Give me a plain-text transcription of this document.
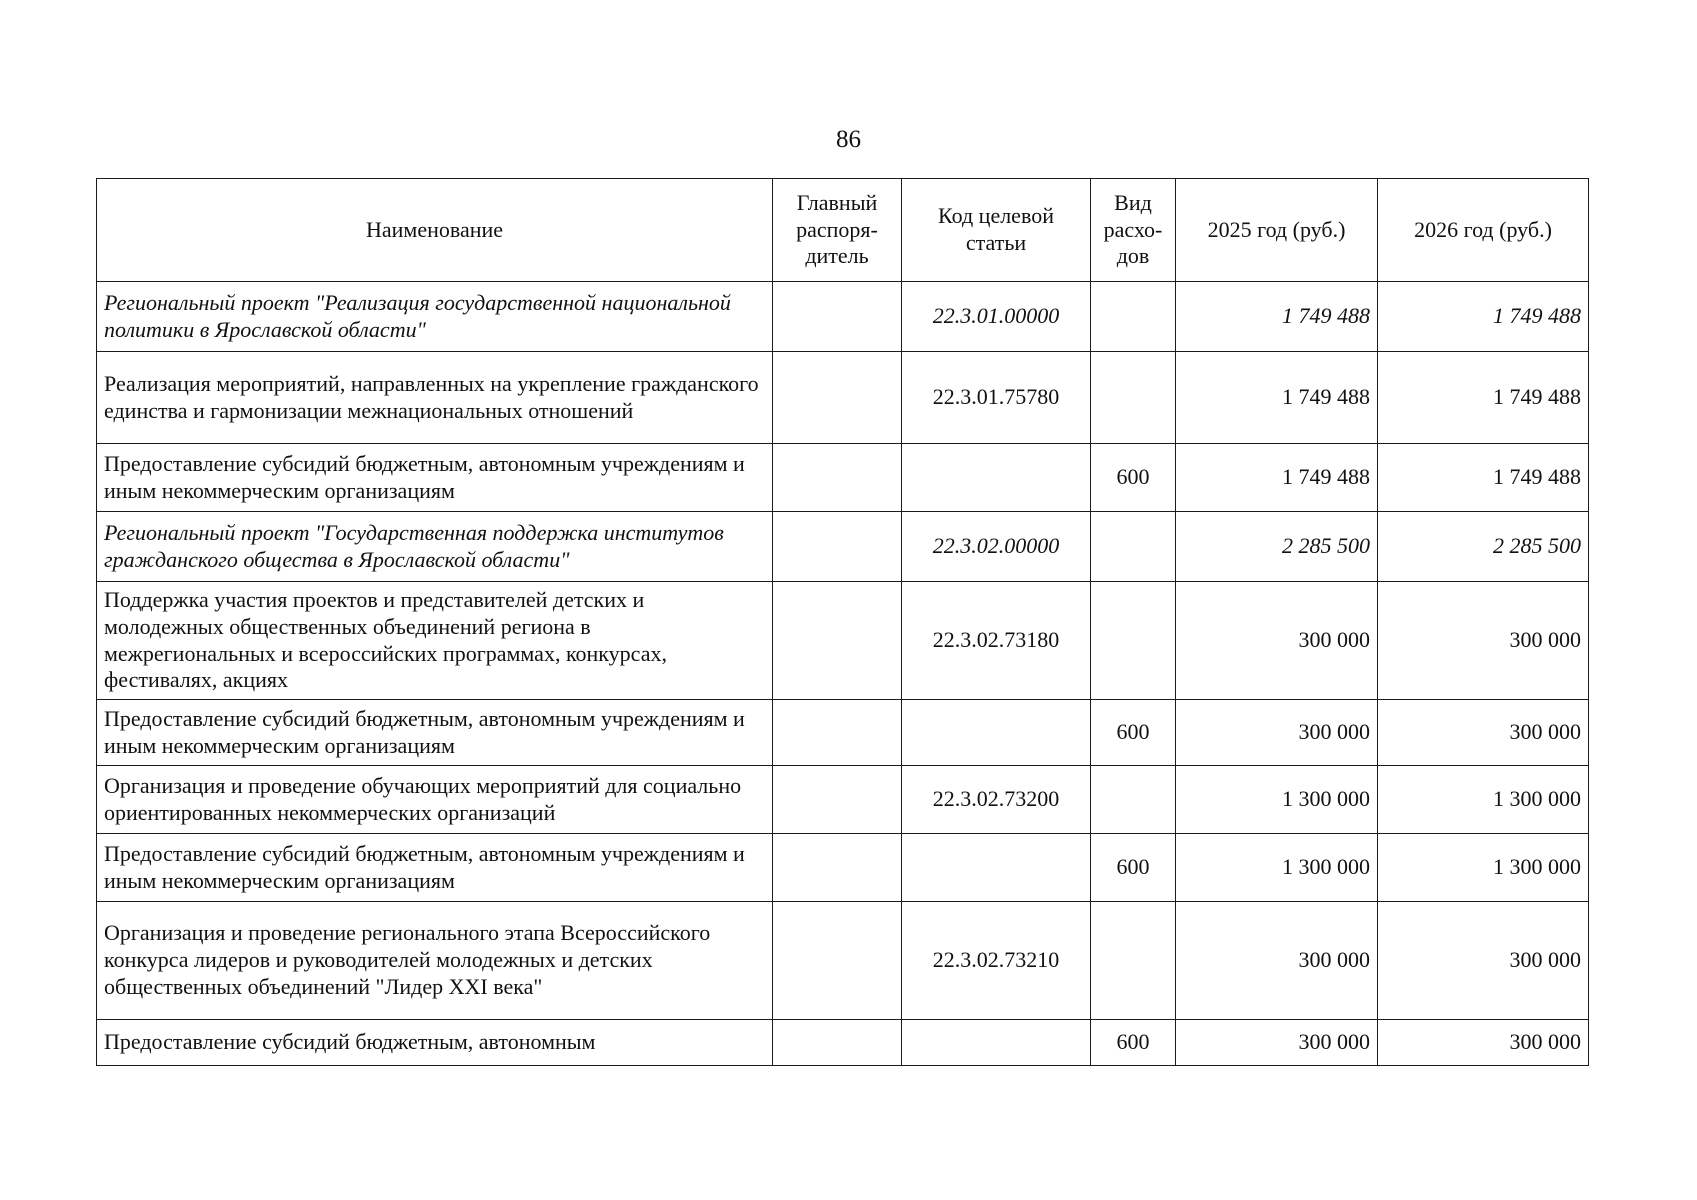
86
Наименование	Главный распоря-дитель	Код целевой статьи	Вид расхо-дов	2025 год (руб.)	2026 год (руб.)
Региональный проект "Реализация государственной национальной политики в Ярославской области"		22.3.01.00000		1 749 488	1 749 488
Реализация мероприятий, направленных на укрепление гражданского единства и гармонизации межнациональных отношений		22.3.01.75780		1 749 488	1 749 488
Предоставление субсидий бюджетным, автономным учреждениям и иным некоммерческим организациям			600	1 749 488	1 749 488
Региональный проект "Государственная поддержка институтов гражданского общества в Ярославской области"		22.3.02.00000		2 285 500	2 285 500
Поддержка участия проектов и представителей детских и молодежных общественных объединений региона в межрегиональных и всероссийских программах, конкурсах, фестивалях, акциях		22.3.02.73180		300 000	300 000
Предоставление субсидий бюджетным, автономным учреждениям и иным некоммерческим организациям			600	300 000	300 000
Организация и проведение обучающих мероприятий для социально ориентированных некоммерческих организаций		22.3.02.73200		1 300 000	1 300 000
Предоставление субсидий бюджетным, автономным учреждениям и иным некоммерческим организациям			600	1 300 000	1 300 000
Организация и проведение регионального этапа Всероссийского конкурса лидеров и руководителей молодежных и детских общественных объединений "Лидер XXI века"		22.3.02.73210		300 000	300 000
Предоставление субсидий бюджетным, автономным			600	300 000	300 000
